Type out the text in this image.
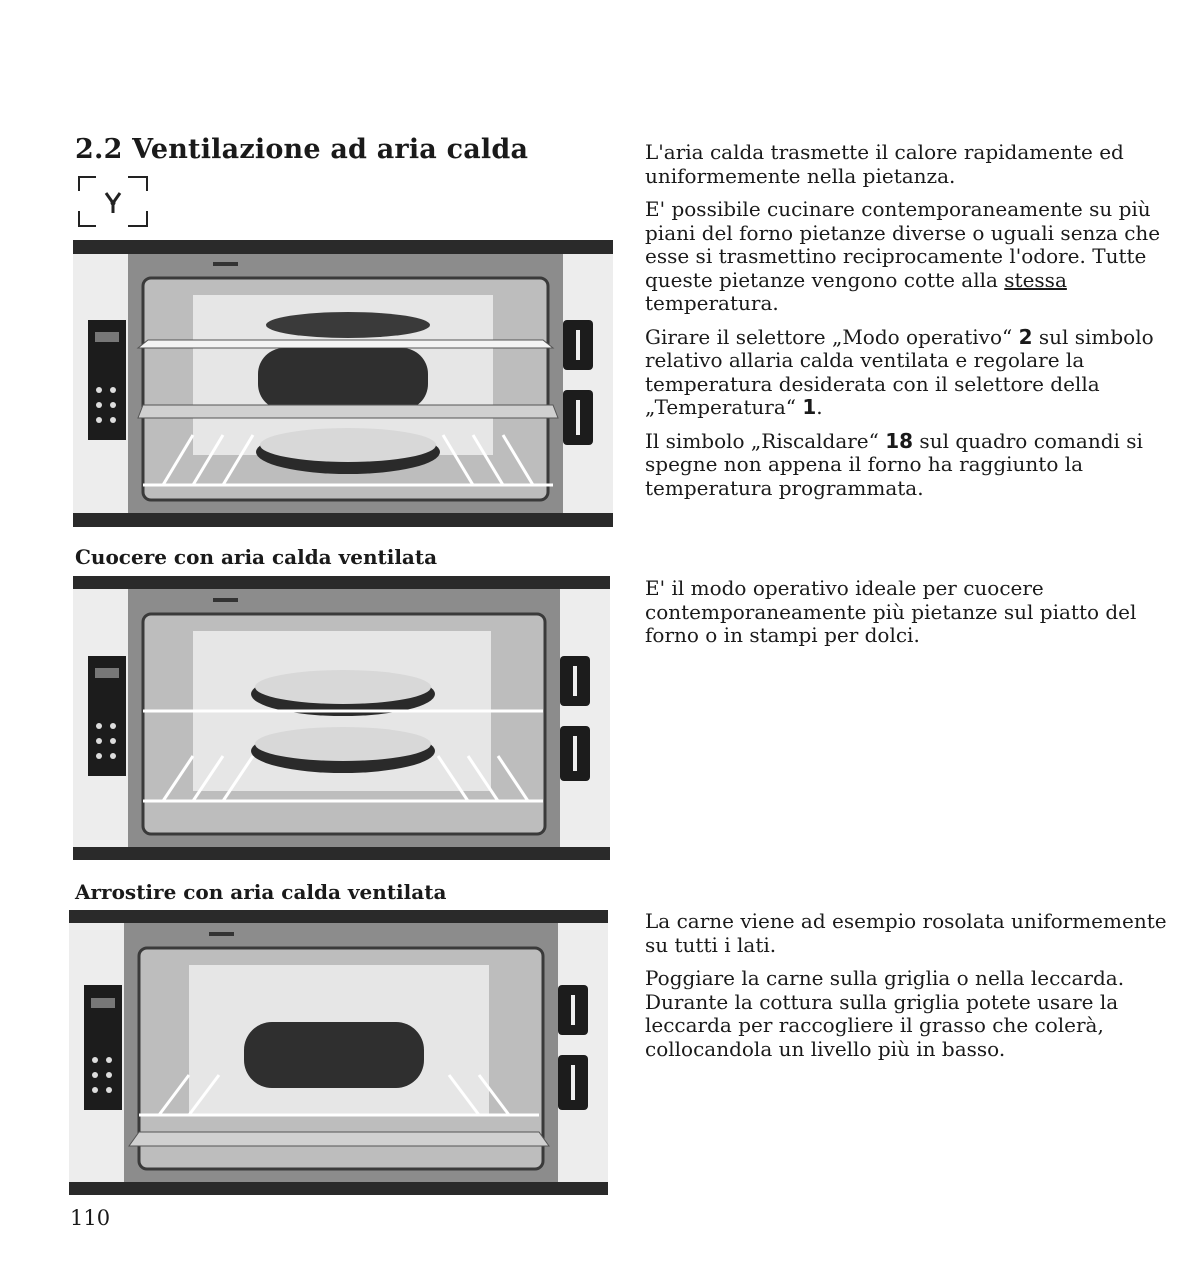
2.2 Ventilazione ad aria calda
Cuocere con aria calda ventilata
Arrostire con aria calda ventilata

L'aria calda trasmette il calore rapidamente ed uniformemente nella pietanza.

E' possibile cucinare contemporaneamente su più piani del forno pietanze diverse o uguali senza che esse si trasmettino reciprocamente l'odore. Tutte queste pietanze vengono cotte alla stessa temperatura.

Girare il selettore „Modo operativo“ 2 sul simbolo relativo allaria calda ventilata e regolare la temperatura desiderata con il selettore della „Temperatura“ 1.

Il simbolo „Riscaldare“ 18 sul quadro comandi si spegne non appena il forno ha raggiunto la temperatura programmata.

E' il modo operativo ideale per cuocere contemporaneamente più pietanze sul piatto del forno o in stampi per dolci.

La carne viene ad esempio rosolata uniformemente su tutti i lati.

Poggiare la carne sulla griglia o nella leccarda. Durante la cottura sulla griglia potete usare la leccarda per raccogliere il grasso che colerà, collocandola un livello più in basso.

110
